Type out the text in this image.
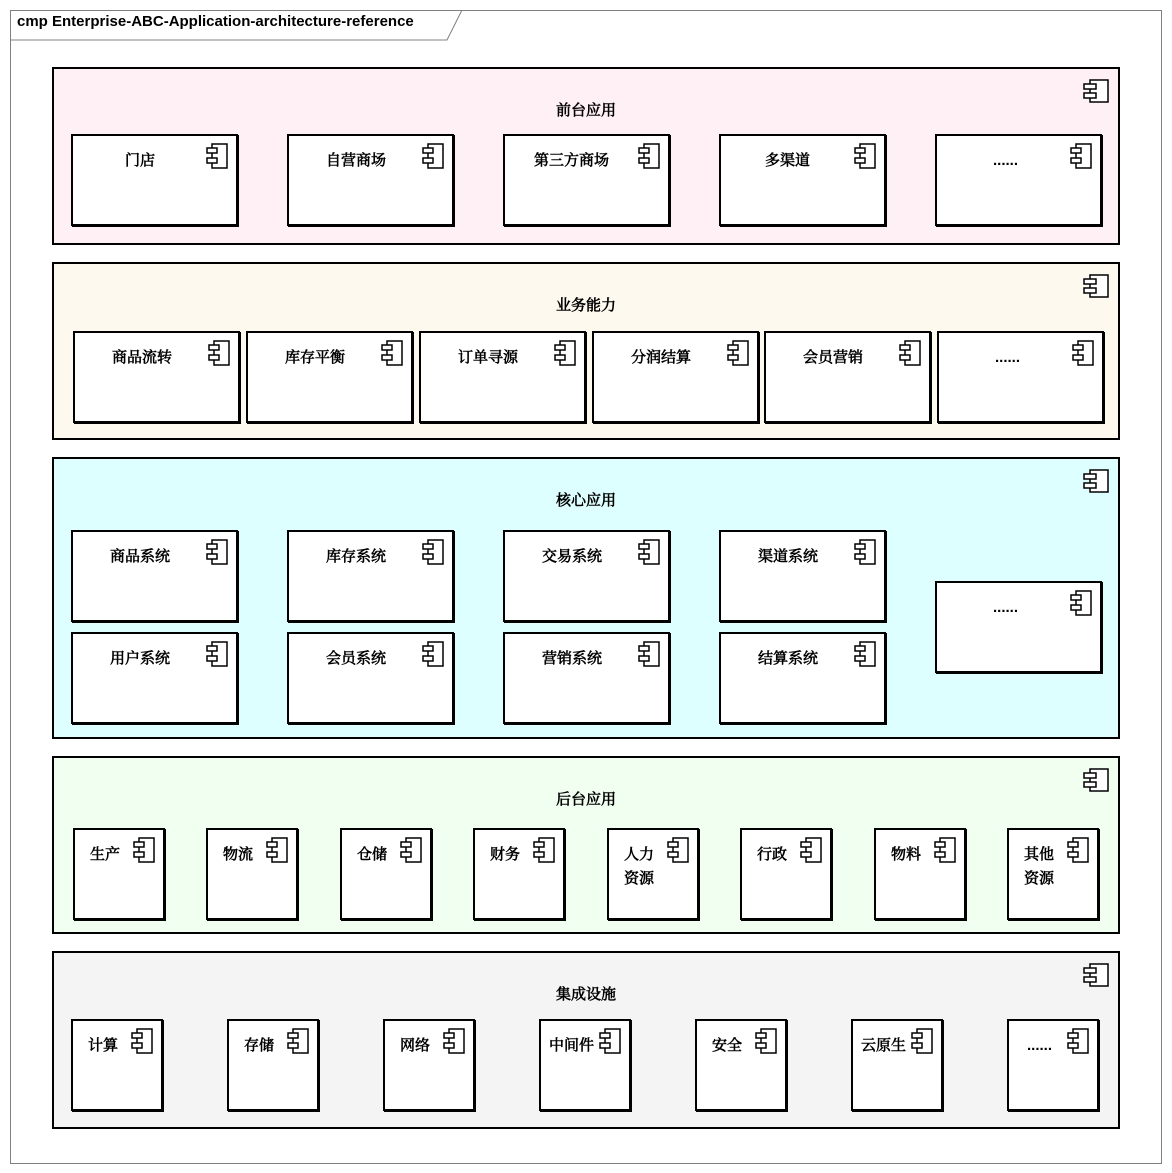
cmp Enterprise-ABC-Application-architecture-reference
前台应用
门店	自营商场	第三方商场	多渠道	......
业务能力
商品流转	库存平衡	订单寻源	分润结算	会员营销	......
核心应用
商品系统	库存系统	交易系统	渠道系统
用户系统	会员系统	营销系统	结算系统
......
后台应用
生产	物流	仓储	财务	人力
资源
行政	物料	其他
资源
集成设施
计算	存储	网络	中间件	安全	云原生	......
